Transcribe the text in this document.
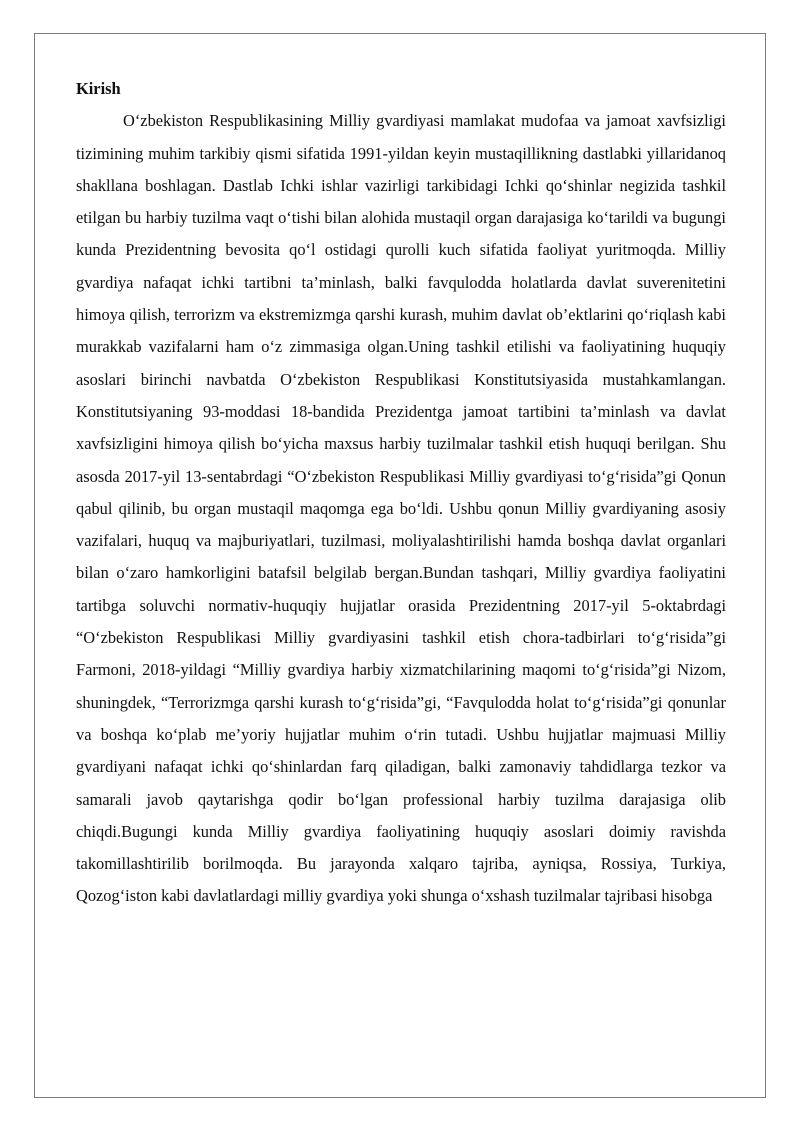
Kirish

O‘zbekiston Respublikasining Milliy gvardiyasi mamlakat mudofaa va jamoat xavfsizligi tizimining muhim tarkibiy qismi sifatida 1991-yildan keyin mustaqillikning dastlabki yillaridanoq shakllana boshlagan. Dastlab Ichki ishlar vazirligi tarkibidagi Ichki qo‘shinlar negizida tashkil etilgan bu harbiy tuzilma vaqt o‘tishi bilan alohida mustaqil organ darajasiga ko‘tarildi va bugungi kunda Prezidentning bevosita qo‘l ostidagi qurolli kuch sifatida faoliyat yuritmoqda. Milliy gvardiya nafaqat ichki tartibni ta’minlash, balki favqulodda holatlarda davlat suverenitetini himoya qilish, terrorizm va ekstremizmga qarshi kurash, muhim davlat ob’ektlarini qo‘riqlash kabi murakkab vazifalarni ham o‘z zimmasiga olgan.Uning tashkil etilishi va faoliyatining huquqiy asoslari birinchi navbatda O‘zbekiston Respublikasi Konstitutsiyasida mustahkamlangan. Konstitutsiyaning 93-moddasi 18-bandida Prezidentga jamoat tartibini ta’minlash va davlat xavfsizligini himoya qilish bo‘yicha maxsus harbiy tuzilmalar tashkil etish huquqi berilgan. Shu asosda 2017-yil 13-sentabrdagi “O‘zbekiston Respublikasi Milliy gvardiyasi to‘g‘risida”gi Qonun qabul qilinib, bu organ mustaqil maqomga ega bo‘ldi. Ushbu qonun Milliy gvardiyaning asosiy vazifalari, huquq va majburiyatlari, tuzilmasi, moliyalashtirilishi hamda boshqa davlat organlari bilan o‘zaro hamkorligini batafsil belgilab bergan.Bundan tashqari, Milliy gvardiya faoliyatini tartibga soluvchi normativ-huquqiy hujjatlar orasida Prezidentning 2017-yil 5-oktabrdagi “O‘zbekiston Respublikasi Milliy gvardiyasini tashkil etish chora-tadbirlari to‘g‘risida”gi Farmoni, 2018-yildagi “Milliy gvardiya harbiy xizmatchilarining maqomi to‘g‘risida”gi Nizom, shuningdek, “Terrorizmga qarshi kurash to‘g‘risida”gi, “Favqulodda holat to‘g‘risida”gi qonunlar va boshqa ko‘plab me’yoriy hujjatlar muhim o‘rin tutadi. Ushbu hujjatlar majmuasi Milliy gvardiyani nafaqat ichki qo‘shinlardan farq qiladigan, balki zamonaviy tahdidlarga tezkor va samarali javob qaytarishga qodir bo‘lgan professional harbiy tuzilma darajasiga olib chiqdi.Bugungi kunda Milliy gvardiya faoliyatining huquqiy asoslari doimiy ravishda takomillashtirilib borilmoqda. Bu jarayonda xalqaro tajriba, ayniqsa, Rossiya, Turkiya, Qozog‘iston kabi davlatlardagi milliy gvardiya yoki shunga o‘xshash tuzilmalar tajribasi hisobga
